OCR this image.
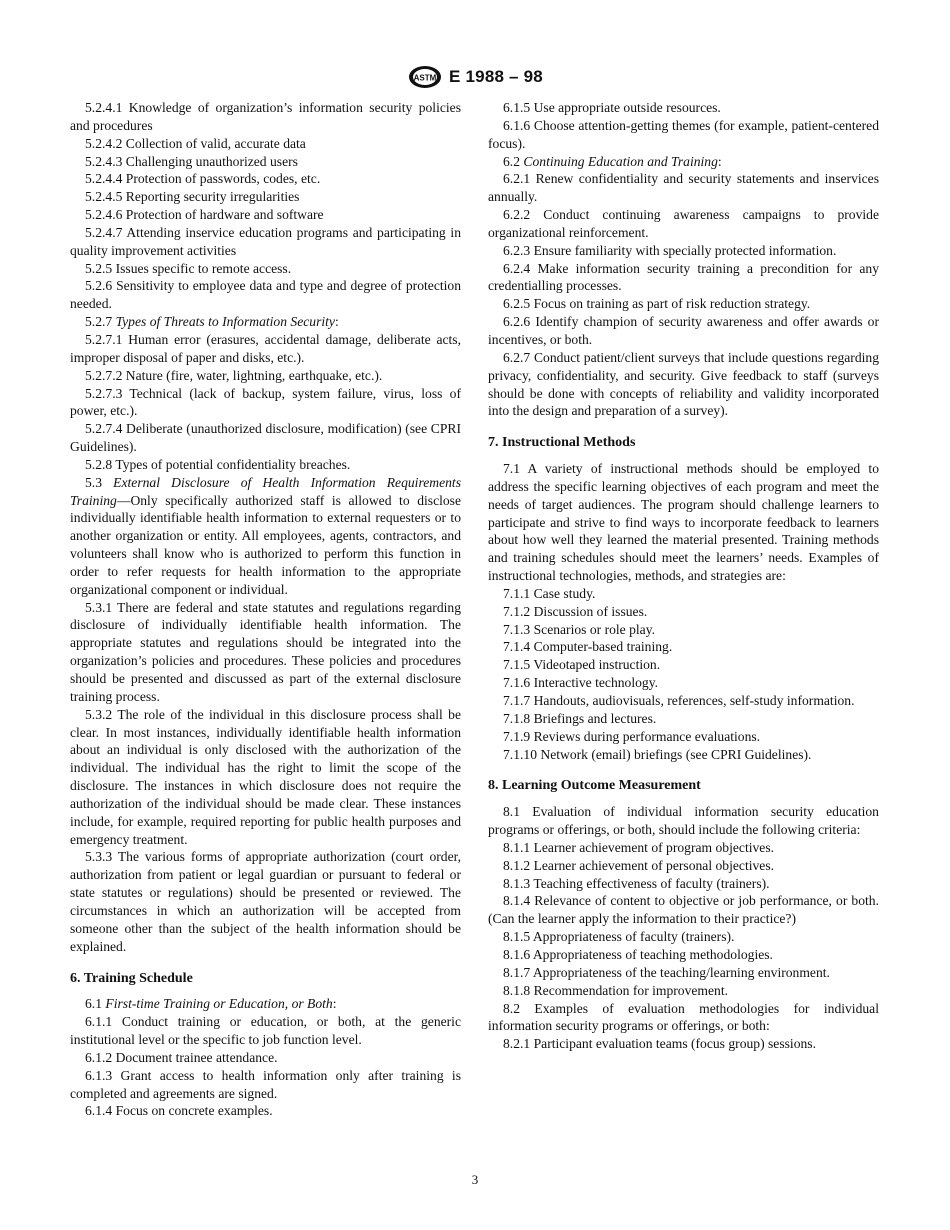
ASTM E 1988 – 98

5.2.4.1 Knowledge of organization’s information security policies and procedures

5.2.4.2 Collection of valid, accurate data

5.2.4.3 Challenging unauthorized users

5.2.4.4 Protection of passwords, codes, etc.

5.2.4.5 Reporting security irregularities

5.2.4.6 Protection of hardware and software

5.2.4.7 Attending inservice education programs and participating in quality improvement activities

5.2.5 Issues specific to remote access.

5.2.6 Sensitivity to employee data and type and degree of protection needed.

5.2.7 Types of Threats to Information Security:

5.2.7.1 Human error (erasures, accidental damage, deliberate acts, improper disposal of paper and disks, etc.).

5.2.7.2 Nature (fire, water, lightning, earthquake, etc.).

5.2.7.3 Technical (lack of backup, system failure, virus, loss of power, etc.).

5.2.7.4 Deliberate (unauthorized disclosure, modification) (see CPRI Guidelines).

5.2.8 Types of potential confidentiality breaches.

5.3 External Disclosure of Health Information Requirements Training—Only specifically authorized staff is allowed to disclose individually identifiable health information to external requesters or to another organization or entity. All employees, agents, contractors, and volunteers shall know who is authorized to perform this function in order to refer requests for health information to the appropriate organizational component or individual.

5.3.1 There are federal and state statutes and regulations regarding disclosure of individually identifiable health information. The appropriate statutes and regulations should be integrated into the organization’s policies and procedures. These policies and procedures should be presented and discussed as part of the external disclosure training process.

5.3.2 The role of the individual in this disclosure process shall be clear. In most instances, individually identifiable health information about an individual is only disclosed with the authorization of the individual. The individual has the right to limit the scope of the disclosure. The instances in which disclosure does not require the authorization of the individual should be made clear. These instances include, for example, required reporting for public health purposes and emergency treatment.

5.3.3 The various forms of appropriate authorization (court order, authorization from patient or legal guardian or pursuant to federal or state statutes or regulations) should be presented or reviewed. The circumstances in which an authorization will be accepted from someone other than the subject of the health information should be explained.

6. Training Schedule

6.1 First-time Training or Education, or Both:

6.1.1 Conduct training or education, or both, at the generic institutional level or the specific to job function level.

6.1.2 Document trainee attendance.

6.1.3 Grant access to health information only after training is completed and agreements are signed.

6.1.4 Focus on concrete examples.

6.1.5 Use appropriate outside resources.

6.1.6 Choose attention-getting themes (for example, patient-centered focus).

6.2 Continuing Education and Training:

6.2.1 Renew confidentiality and security statements and inservices annually.

6.2.2 Conduct continuing awareness campaigns to provide organizational reinforcement.

6.2.3 Ensure familiarity with specially protected information.

6.2.4 Make information security training a precondition for any credentialling processes.

6.2.5 Focus on training as part of risk reduction strategy.

6.2.6 Identify champion of security awareness and offer awards or incentives, or both.

6.2.7 Conduct patient/client surveys that include questions regarding privacy, confidentiality, and security. Give feedback to staff (surveys should be done with concepts of reliability and validity incorporated into the design and preparation of a survey).

7. Instructional Methods

7.1 A variety of instructional methods should be employed to address the specific learning objectives of each program and meet the needs of target audiences. The program should challenge learners to participate and strive to find ways to incorporate feedback to learners about how well they learned the material presented. Training methods and training schedules should meet the learners’ needs. Examples of instructional technologies, methods, and strategies are:

7.1.1 Case study.

7.1.2 Discussion of issues.

7.1.3 Scenarios or role play.

7.1.4 Computer-based training.

7.1.5 Videotaped instruction.

7.1.6 Interactive technology.

7.1.7 Handouts, audiovisuals, references, self-study information.

7.1.8 Briefings and lectures.

7.1.9 Reviews during performance evaluations.

7.1.10 Network (email) briefings (see CPRI Guidelines).

8. Learning Outcome Measurement

8.1 Evaluation of individual information security education programs or offerings, or both, should include the following criteria:

8.1.1 Learner achievement of program objectives.

8.1.2 Learner achievement of personal objectives.

8.1.3 Teaching effectiveness of faculty (trainers).

8.1.4 Relevance of content to objective or job performance, or both. (Can the learner apply the information to their practice?)

8.1.5 Appropriateness of faculty (trainers).

8.1.6 Appropriateness of teaching methodologies.

8.1.7 Appropriateness of the teaching/learning environment.

8.1.8 Recommendation for improvement.

8.2 Examples of evaluation methodologies for individual information security programs or offerings, or both:

8.2.1 Participant evaluation teams (focus group) sessions.

3
